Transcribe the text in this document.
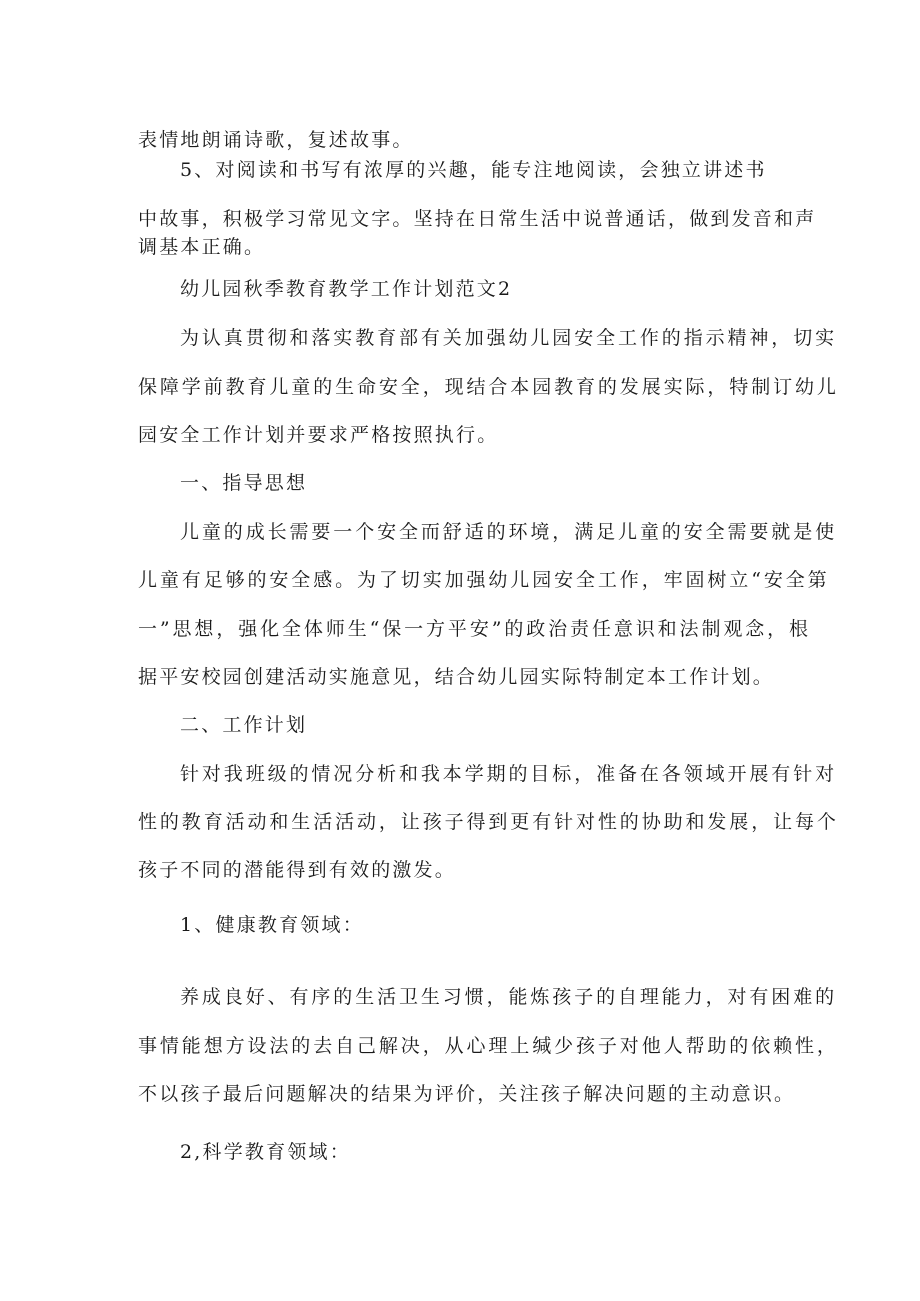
表情地朗诵诗歌，复述故事。
5、对阅读和书写有浓厚的兴趣，能专注地阅读，会独立讲述书
中故事，积极学习常见文字。坚持在日常生活中说普通话，做到发音和声
调基本正确。
幼儿园秋季教育教学工作计划范文2
为认真贯彻和落实教育部有关加强幼儿园安全工作的指示精神，切实
保障学前教育儿童的生命安全，现结合本园教育的发展实际，特制订幼儿
园安全工作计划并要求严格按照执行。
一、指导思想
儿童的成长需要一个安全而舒适的环境，满足儿童的安全需要就是使
儿童有足够的安全感。为了切实加强幼儿园安全工作，牢固树立“安全第
一”思想，强化全体师生“保一方平安”的政治责任意识和法制观念，根
据平安校园创建活动实施意见，结合幼儿园实际特制定本工作计划。
二、工作计划
针对我班级的情况分析和我本学期的目标，准备在各领域开展有针对
性的教育活动和生活活动，让孩子得到更有针对性的协助和发展，让每个
孩子不同的潜能得到有效的激发。
1、健康教育领域：
养成良好、有序的生活卫生习惯，能炼孩子的自理能力，对有困难的
事情能想方设法的去自己解决，从心理上缄少孩子对他人帮助的依赖性，
不以孩子最后问题解决的结果为评价，关注孩子解决问题的主动意识。
2,科学教育领域：
